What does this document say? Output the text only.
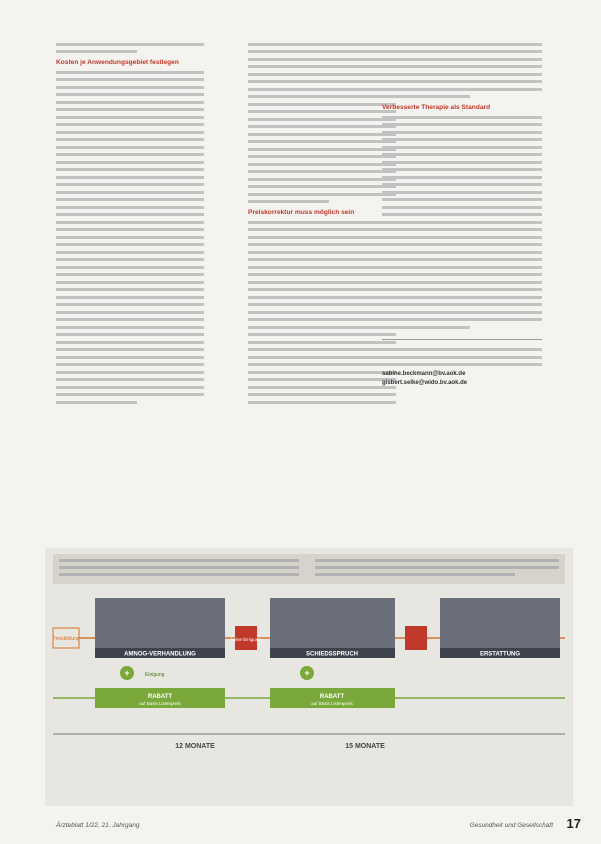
Kosten je Anwendungsgebiet festlegen
Preiskorrektur muss möglich sein
Verbesserte Therapie als Standard
sabine.beckmann@bv.aok.de
gisbert.selke@wido.bv.aok.de
Preisbildung
AMNOG-VERHANDLUNG
keine Einigung
SCHIEDSSPRUCH	ERSTATTUNG
+	Einigung	+
RABATT
auf Basis Listenpreis
RABATT
auf Basis Listenpreis
12 MONATE	15 MONATE
Ärzteblatt 1/22, 21. Jahrgang	Gesundheit und Gesellschaft 17
